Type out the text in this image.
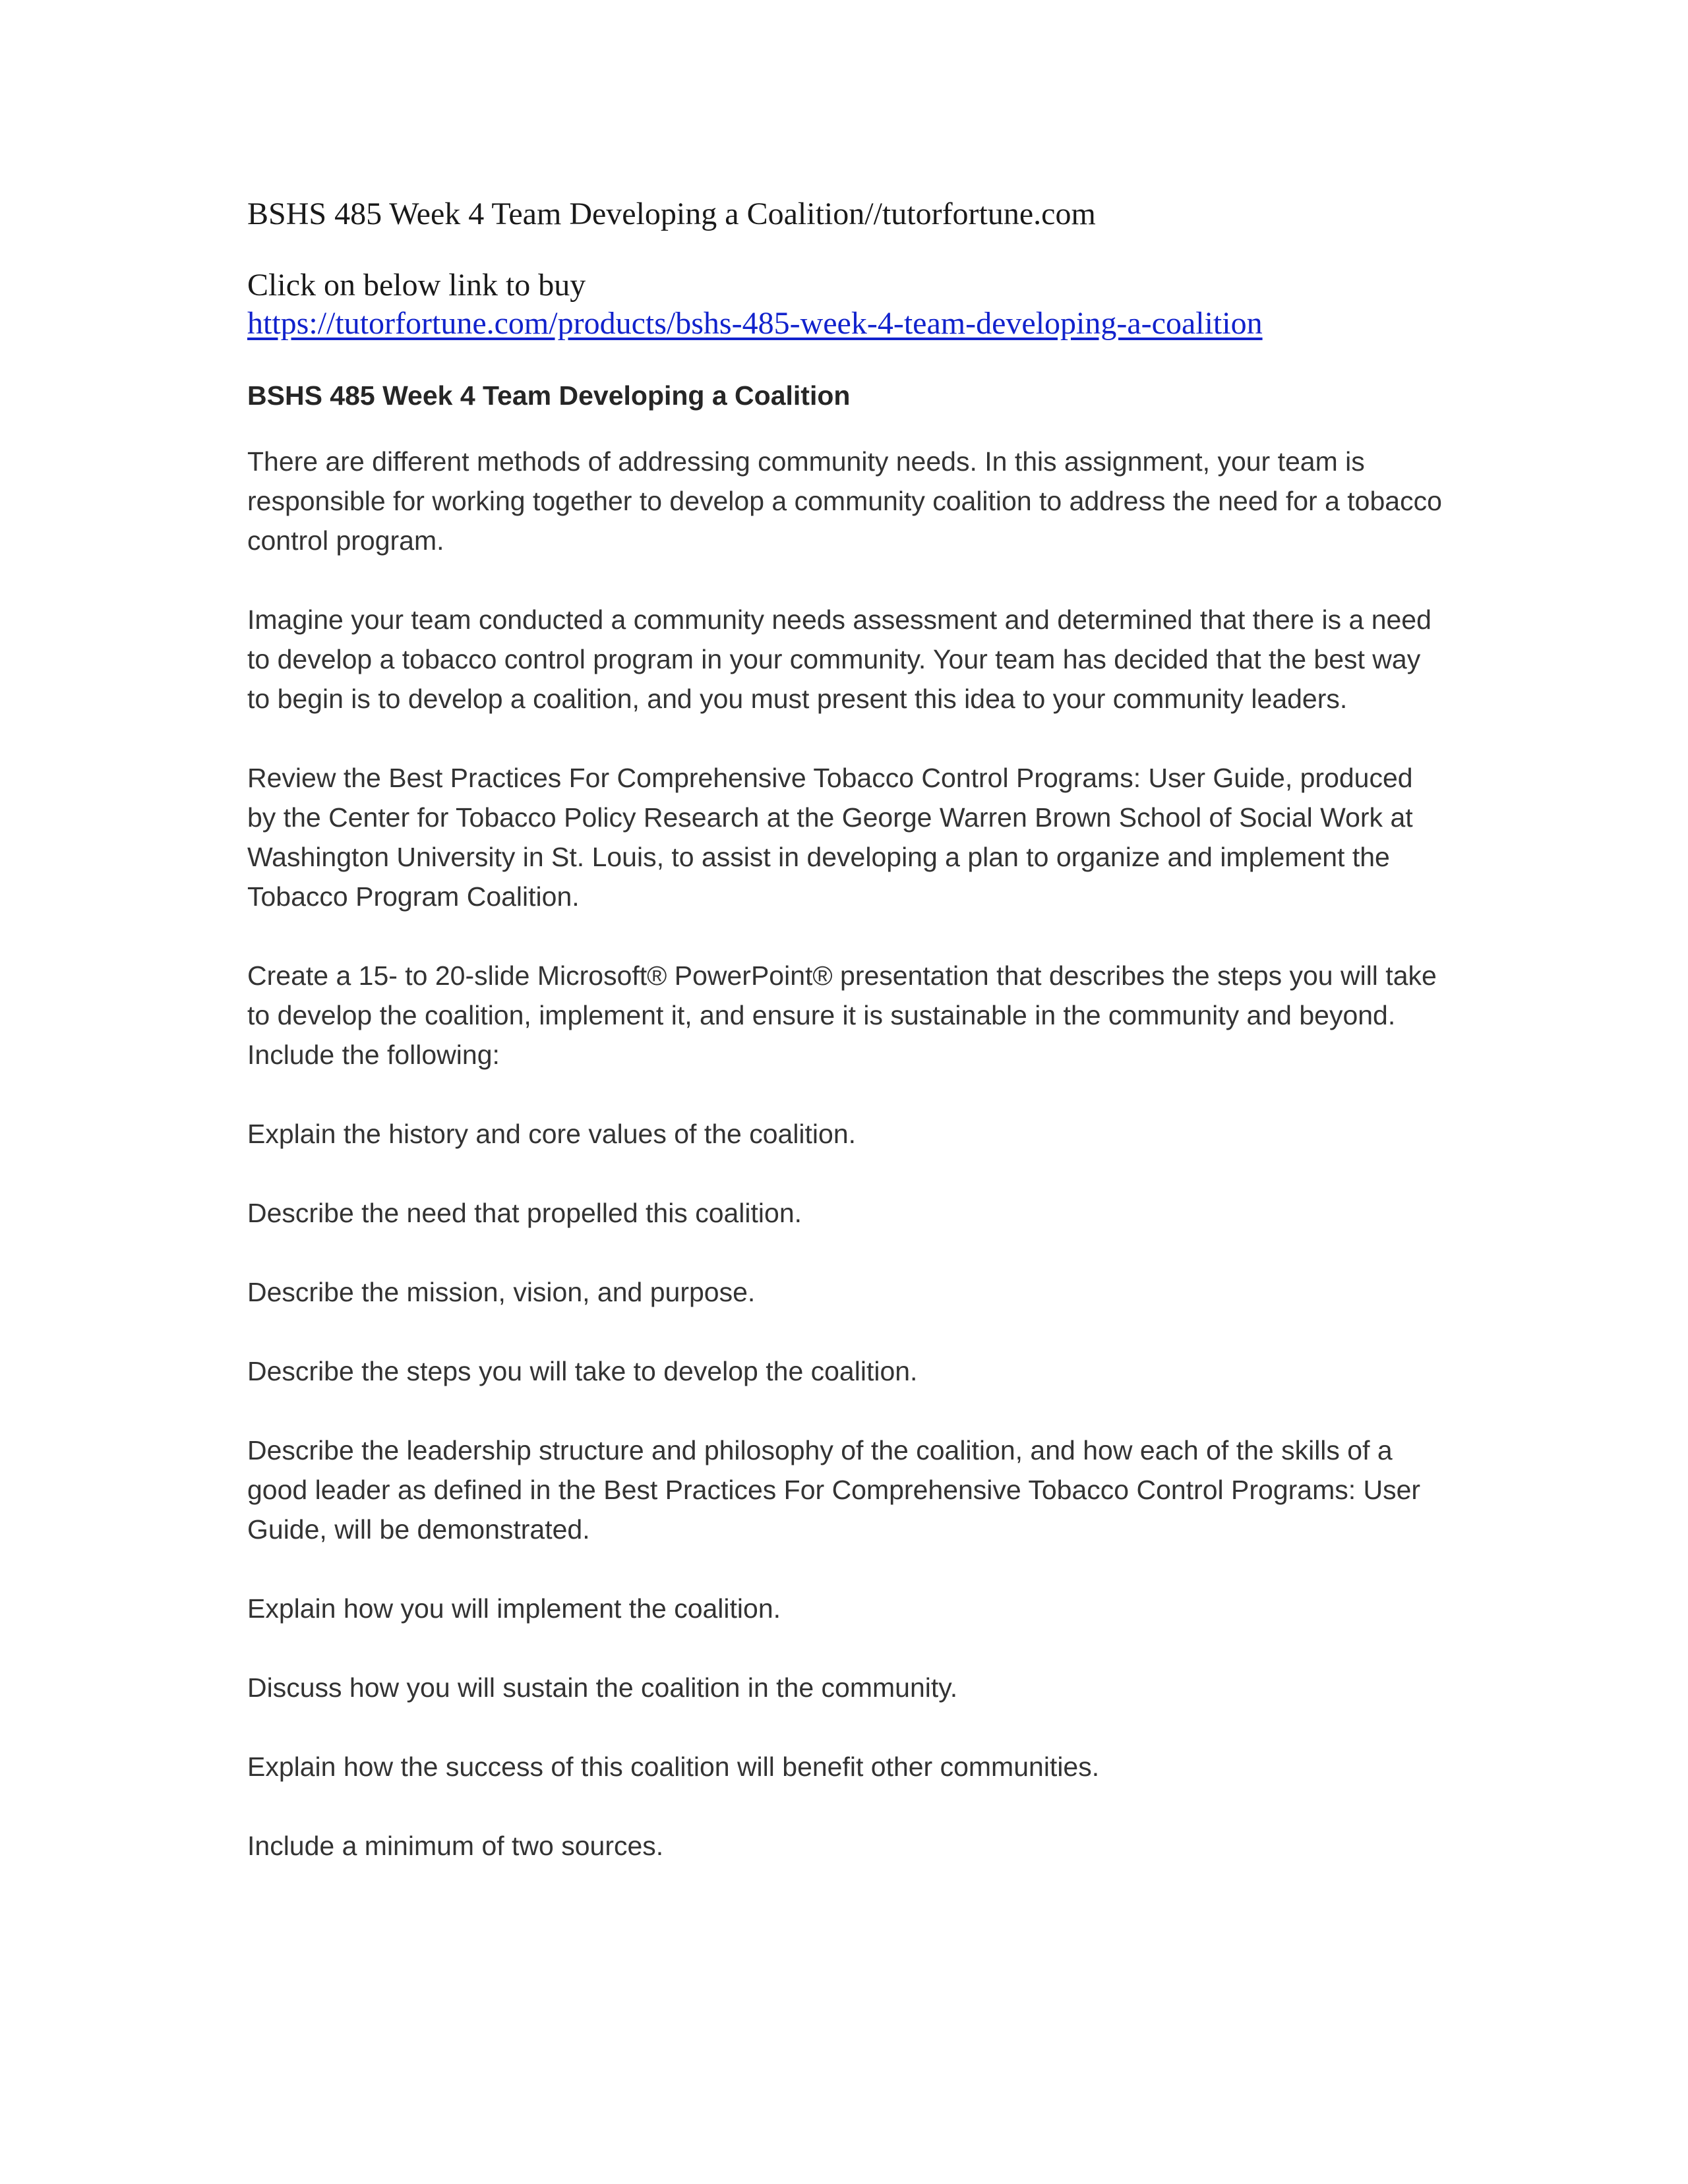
BSHS 485 Week 4 Team Developing a Coalition//tutorfortune.com

Click on below link to buy

https://tutorfortune.com/products/bshs-485-week-4-team-developing-a-coalition

BSHS 485 Week 4 Team Developing a Coalition

There are different methods of addressing community needs. In this assignment, your team is responsible for working together to develop a community coalition to address the need for a tobacco control program.

Imagine your team conducted a community needs assessment and determined that there is a need to develop a tobacco control program in your community. Your team has decided that the best way to begin is to develop a coalition, and you must present this idea to your community leaders.

Review the Best Practices For Comprehensive Tobacco Control Programs: User Guide, produced by the Center for Tobacco Policy Research at the George Warren Brown School of Social Work at Washington University in St. Louis, to assist in developing a plan to organize and implement the Tobacco Program Coalition.

Create a 15- to 20-slide Microsoft® PowerPoint® presentation that describes the steps you will take to develop the coalition, implement it, and ensure it is sustainable in the community and beyond. Include the following:

Explain the history and core values of the coalition.

Describe the need that propelled this coalition.

Describe the mission, vision, and purpose.

Describe the steps you will take to develop the coalition.

Describe the leadership structure and philosophy of the coalition, and how each of the skills of a good leader as defined in the Best Practices For Comprehensive Tobacco Control Programs: User Guide, will be demonstrated.

Explain how you will implement the coalition.

Discuss how you will sustain the coalition in the community.

Explain how the success of this coalition will benefit other communities.

Include a minimum of two sources.
